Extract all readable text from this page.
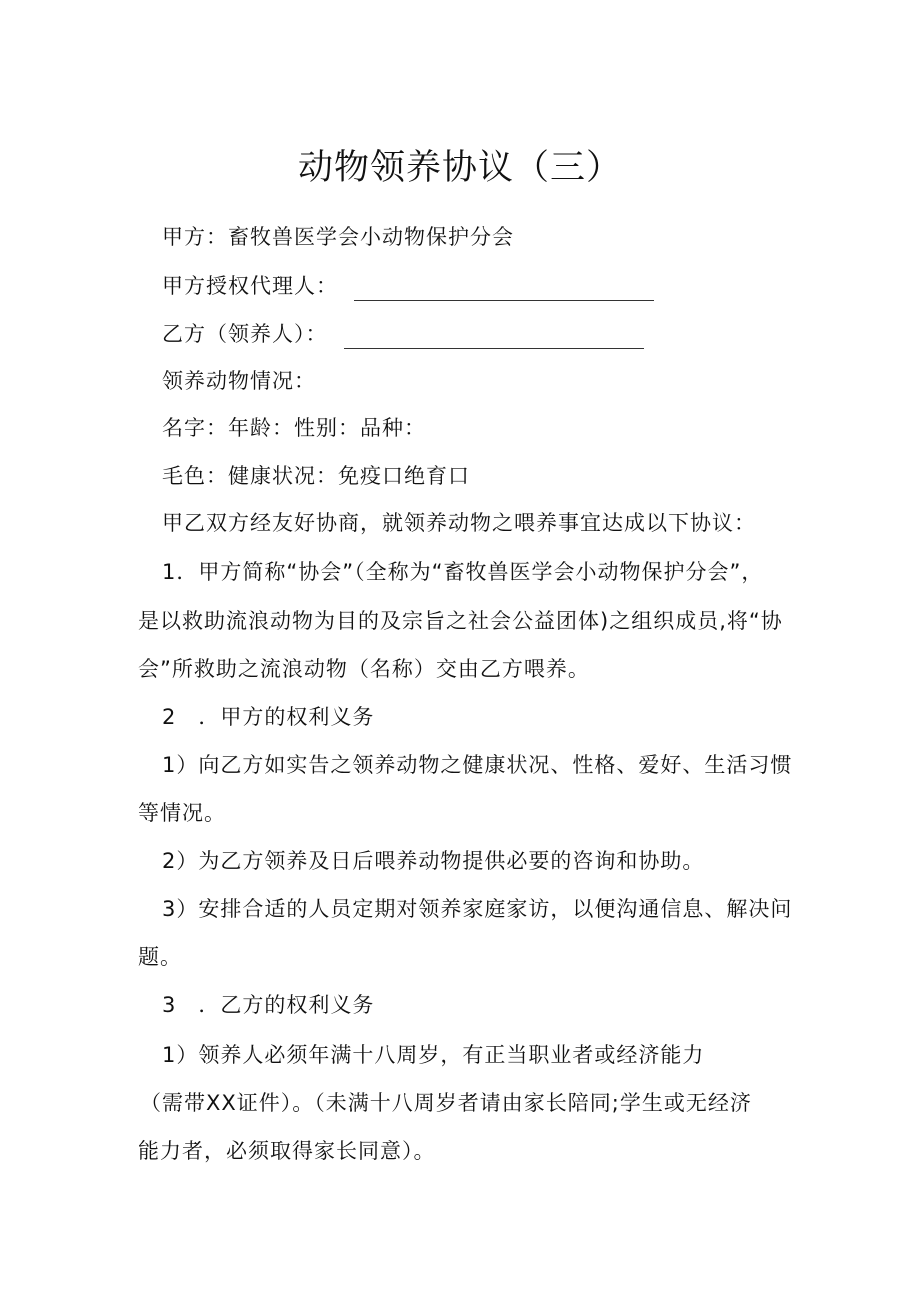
动物领养协议（三）
甲方：畜牧兽医学会小动物保护分会
甲方授权代理人：
乙方（领养人）：
领养动物情况：
名字：年龄：性别：品种：
毛色：健康状况：免疫口绝育口
甲乙双方经友好协商，就领养动物之喂养事宜达成以下协议：
1．甲方简称“协会”（全称为“畜牧兽医学会小动物保护分会”，
是以救助流浪动物为目的及宗旨之社会公益团体)之组织成员,将“协
会”所救助之流浪动物（名称）交由乙方喂养。
2　．甲方的权利义务
1）向乙方如实告之领养动物之健康状况、性格、爱好、生活习惯
等情况。
2）为乙方领养及日后喂养动物提供必要的咨询和协助。
3）安排合适的人员定期对领养家庭家访，以便沟通信息、解决问
题。
3　．乙方的权利义务
1）领养人必须年满十八周岁，有正当职业者或经济能力
（需带XX证件）。（未满十八周岁者请由家长陪同;学生或无经济
能力者，必须取得家长同意）。
